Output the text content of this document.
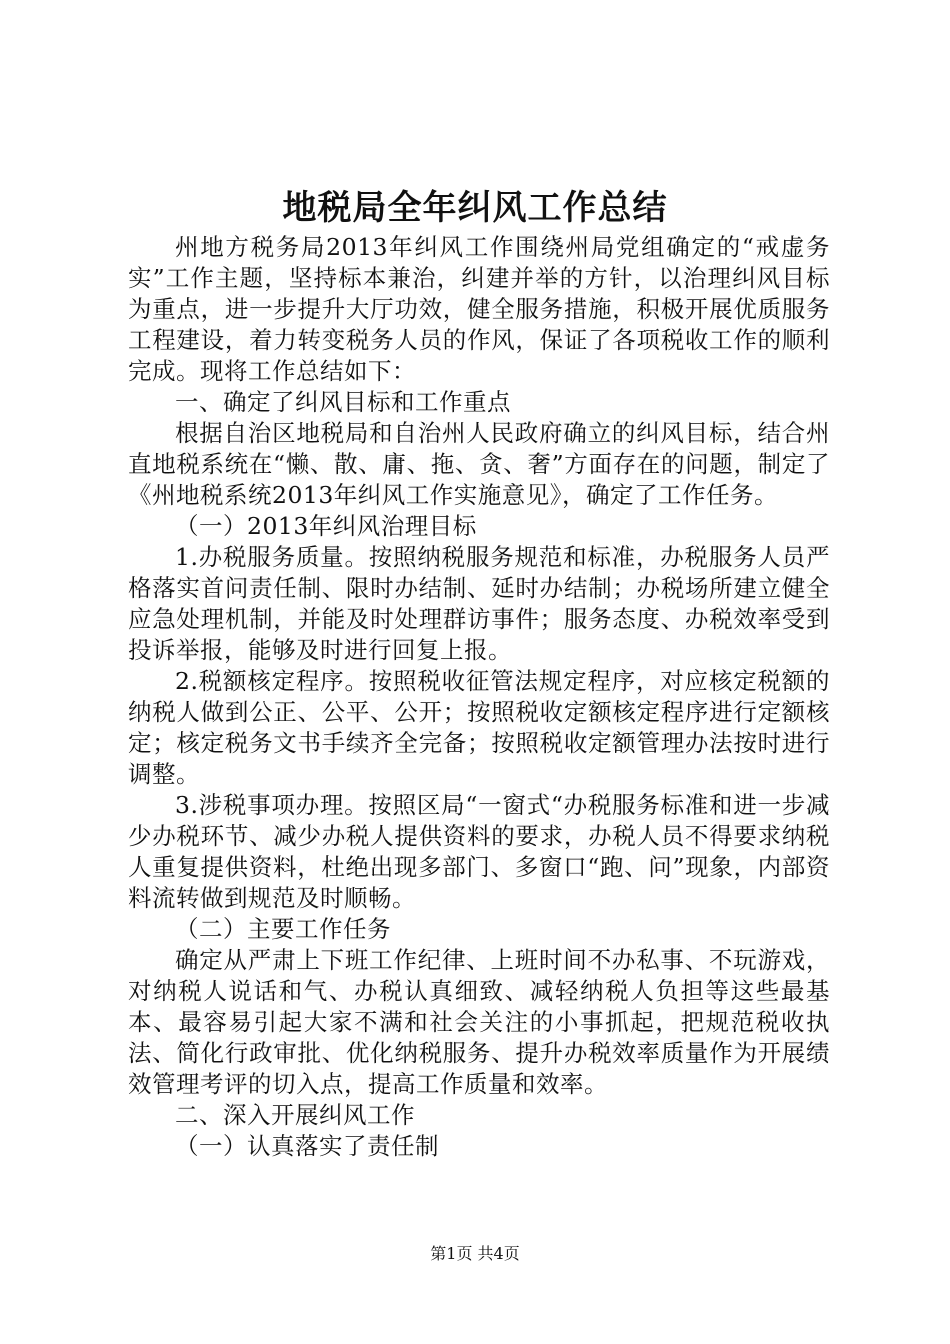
地税局全年纠风工作总结

州地方税务局2013年纠风工作围绕州局党组确定的“戒虚务实”工作主题，坚持标本兼治，纠建并举的方针，以治理纠风目标为重点，进一步提升大厅功效，健全服务措施，积极开展优质服务工程建设，着力转变税务人员的作风，保证了各项税收工作的顺利完成。现将工作总结如下：

一、确定了纠风目标和工作重点

根据自治区地税局和自治州人民政府确立的纠风目标，结合州直地税系统在“懒、散、庸、拖、贪、奢”方面存在的问题，制定了《州地税系统2013年纠风工作实施意见》，确定了工作任务。

（一）2013年纠风治理目标

1.办税服务质量。按照纳税服务规范和标准，办税服务人员严格落实首问责任制、限时办结制、延时办结制；办税场所建立健全应急处理机制，并能及时处理群访事件；服务态度、办税效率受到投诉举报，能够及时进行回复上报。

2.税额核定程序。按照税收征管法规定程序，对应核定税额的纳税人做到公正、公平、公开；按照税收定额核定程序进行定额核定；核定税务文书手续齐全完备；按照税收定额管理办法按时进行调整。

3.涉税事项办理。按照区局“一窗式“办税服务标准和进一步减少办税环节、减少办税人提供资料的要求，办税人员不得要求纳税人重复提供资料，杜绝出现多部门、多窗口“跑、问”现象，内部资料流转做到规范及时顺畅。

（二）主要工作任务

确定从严肃上下班工作纪律、上班时间不办私事、不玩游戏，对纳税人说话和气、办税认真细致、减轻纳税人负担等这些最基本、最容易引起大家不满和社会关注的小事抓起，把规范税收执法、简化行政审批、优化纳税服务、提升办税效率质量作为开展绩效管理考评的切入点，提高工作质量和效率。

二、深入开展纠风工作

（一）认真落实了责任制

第1页 共4页
